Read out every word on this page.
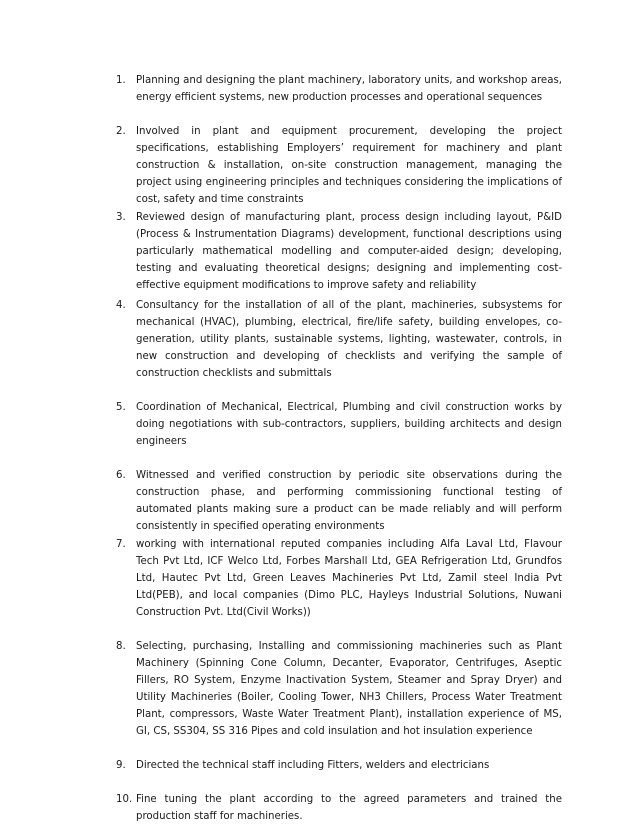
1.	Planning and designing the plant machinery, laboratory units, and workshop areas, energy efficient systems, new production processes and operational sequences
2.	Involved in plant and equipment procurement, developing the project specifications, establishing Employers’ requirement for machinery and plant construction & installation, on-site construction management, managing the project using engineering principles and techniques considering the implications of cost, safety and time constraints
3.	Reviewed design of manufacturing plant, process design including layout, P&ID (Process & Instrumentation Diagrams) development, functional descriptions using particularly mathematical modelling and computer-aided design; developing, testing and evaluating theoretical designs; designing and implementing cost-effective equipment modifications to improve safety and reliability
4.	Consultancy for the installation of all of the plant, machineries, subsystems for mechanical (HVAC), plumbing, electrical, fire/life safety, building envelopes, co-generation, utility plants, sustainable systems, lighting, wastewater, controls, in new construction and developing of checklists and verifying the sample of construction checklists and submittals
5.	Coordination of Mechanical, Electrical, Plumbing and civil construction works by doing negotiations with sub-contractors, suppliers, building architects and design engineers
6.	Witnessed and verified construction by periodic site observations during the construction phase, and performing commissioning functional testing of automated plants making sure a product can be made reliably and will perform consistently in specified operating environments
7.	working with international reputed companies including Alfa Laval Ltd, Flavour Tech Pvt Ltd, ICF Welco Ltd, Forbes Marshall Ltd, GEA Refrigeration Ltd, Grundfos Ltd, Hautec Pvt Ltd, Green Leaves Machineries Pvt Ltd, Zamil steel India Pvt Ltd(PEB), and local companies (Dimo PLC, Hayleys Industrial Solutions, Nuwani Construction Pvt. Ltd(Civil Works))
8.	Selecting, purchasing, Installing and commissioning machineries such as Plant Machinery (Spinning Cone Column, Decanter, Evaporator, Centrifuges, Aseptic Fillers, RO System, Enzyme Inactivation System, Steamer and Spray Dryer) and Utility Machineries (Boiler, Cooling Tower, NH3 Chillers, Process Water Treatment Plant, compressors, Waste Water Treatment Plant), installation experience of MS, GI, CS, SS304, SS 316 Pipes and cold insulation and hot insulation experience
9.	Directed the technical staff including Fitters, welders and electricians
10. Fine tuning the plant according to the agreed parameters and trained the production staff for machineries.
